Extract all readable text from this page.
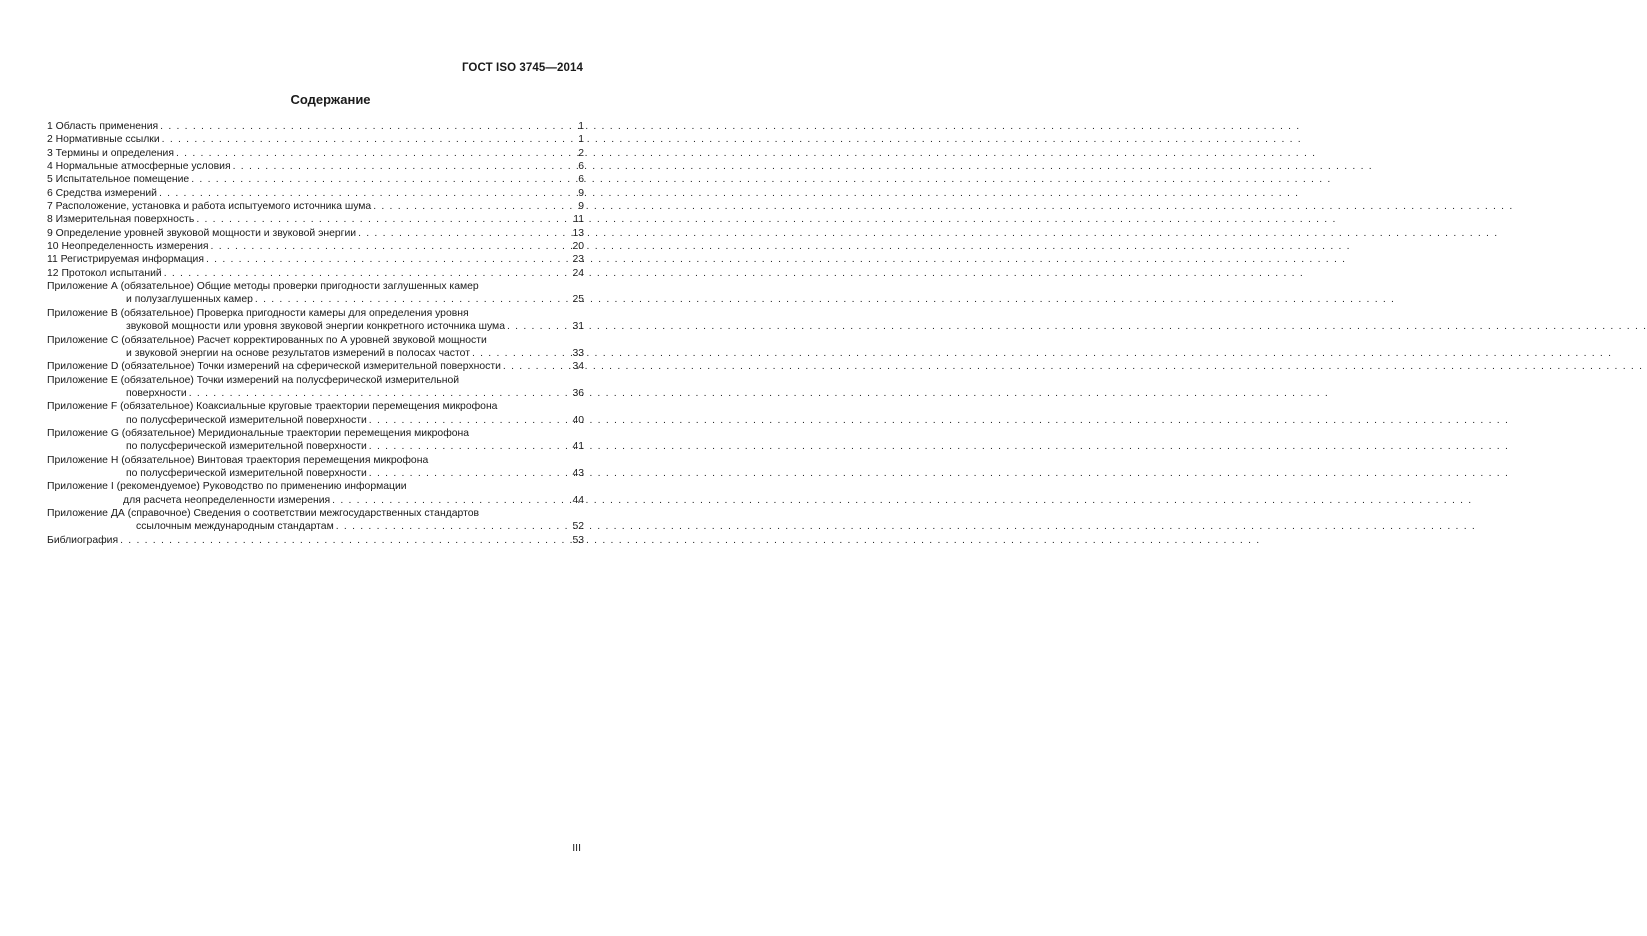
ГОСТ ISO 3745—2014
Содержание
1 Область применения . . .	1
2 Нормативные ссылки . . .	1
3 Термины и определения . . .	2
4 Нормальные атмосферные условия . . .	6
5 Испытательное помещение . . .	6
6 Средства измерений . . .	9
7 Расположение, установка и работа испытуемого источника шума . . .	9
8 Измерительная поверхность . . .	11
9 Определение уровней звуковой мощности и звуковой энергии . . .	13
10 Неопределенность измерения . . .	20
11 Регистрируемая информация . . .	23
12 Протокол испытаний . . .	24
Приложение А (обязательное) Общие методы проверки пригодности заглушенных камер
и полузаглушенных камер . . .	25
Приложение В (обязательное) Проверка пригодности камеры для определения уровня
звуковой мощности или уровня звуковой энергии конкретного источника шума . . .	31
Приложение С (обязательное) Расчет корректированных по А уровней звуковой мощности
и звуковой энергии на основе результатов измерений в полосах частот . . .	33
Приложение D (обязательное) Точки измерений на сферической измерительной поверхности . . .	34
Приложение Е (обязательное) Точки измерений на полусферической измерительной
поверхности . . .	36
Приложение F (обязательное) Коаксиальные круговые траектории перемещения микрофона
по полусферической измерительной поверхности . . .	40
Приложение G (обязательное) Меридиональные траектории перемещения микрофона
по полусферической измерительной поверхности . . .	41
Приложение Н (обязательное) Винтовая траектория перемещения микрофона
по полусферической измерительной поверхности . . .	43
Приложение I (рекомендуемое) Руководство по применению информации
для расчета неопределенности измерения . . .	44
Приложение ДА (справочное) Сведения о соответствии межгосударственных стандартов
ссылочным международным стандартам . . .	52
Библиография . . .	53
III
